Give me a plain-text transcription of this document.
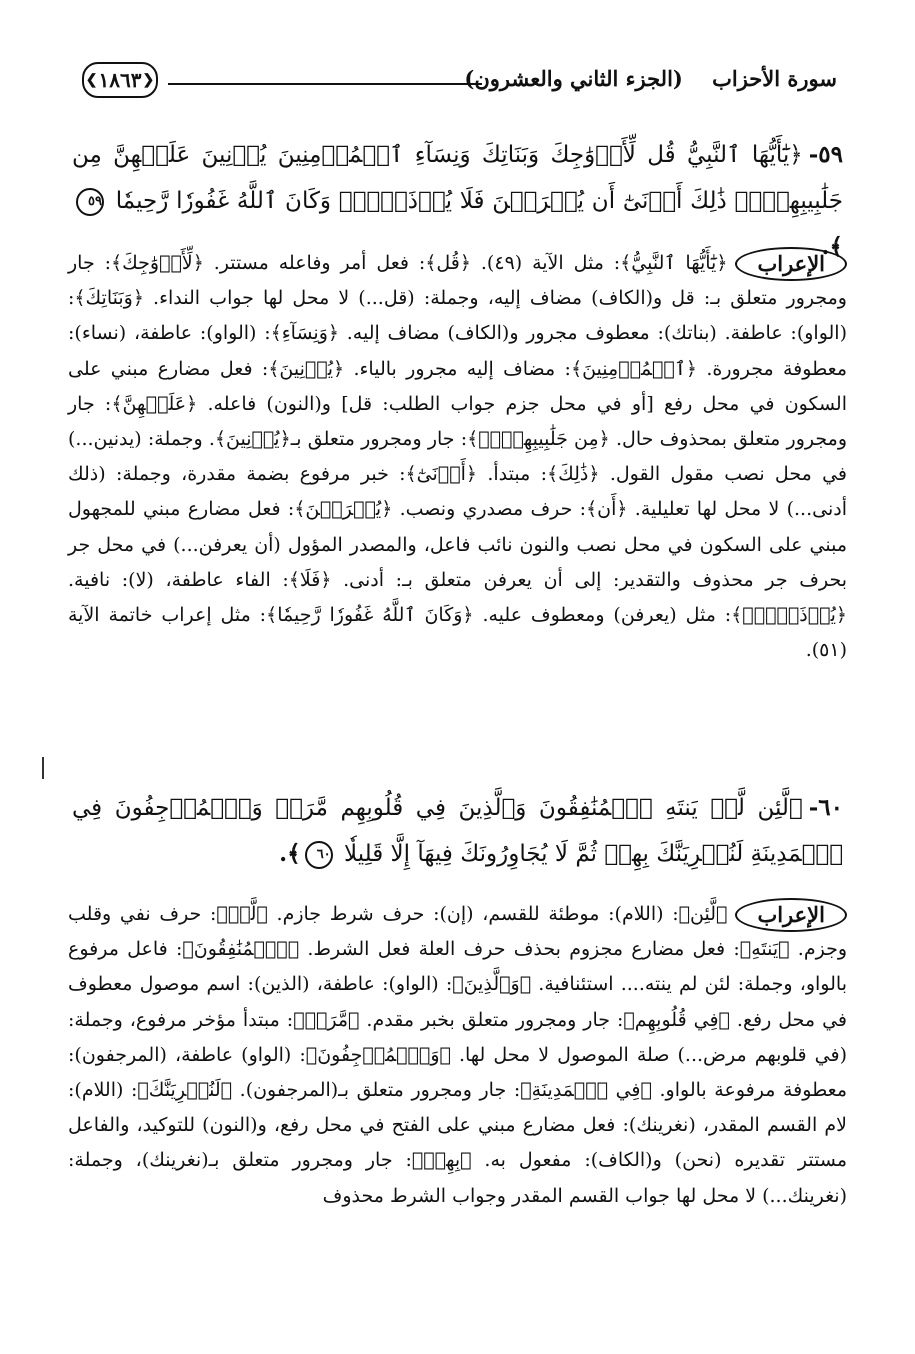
سورة الأحزاب    (الجزء الثاني والعشرون)
❮ ١٨٦٣ ❯
٥٩-﴿يَٰٓأَيُّهَا ٱلنَّبِيُّ قُل لِّأَزۡوَٰجِكَ وَبَنَاتِكَ وَنِسَآءِ ٱلۡمُؤۡمِنِينَ يُدۡنِينَ عَلَيۡهِنَّ مِن جَلَٰبِيبِهِنَّۚ ذَٰلِكَ أَدۡنَىٰٓ أَن يُعۡرَفۡنَ فَلَا يُؤۡذَيۡنَۗ وَكَانَ ٱللَّهُ غَفُورٗا رَّحِيمٗا ٥٩﴾.
الإعراب﴿يَٰٓأَيُّهَا ٱلنَّبِيُّ﴾: مثل الآية (٤٩). ﴿قُل﴾: فعل أمر وفاعله مستتر. ﴿لِّأَزۡوَٰجِكَ﴾: جار ومجرور متعلق بـ: قل و(الكاف) مضاف إليه، وجملة: (قل...) لا محل لها جواب النداء. ﴿وَبَنَاتِكَ﴾: (الواو): عاطفة. (بناتك): معطوف مجرور و(الكاف) مضاف إليه. ﴿وَنِسَآءِ﴾: (الواو): عاطفة، (نساء): معطوفة مجرورة. ﴿ٱلۡمُؤۡمِنِينَ﴾: مضاف إليه مجرور بالياء. ﴿يُدۡنِينَ﴾: فعل مضارع مبني على السكون في محل رفع [أو في محل جزم جواب الطلب: قل] و(النون) فاعله. ﴿عَلَيۡهِنَّ﴾: جار ومجرور متعلق بمحذوف حال. ﴿مِن جَلَٰبِيبِهِنَّۚ﴾: جار ومجرور متعلق بـ﴿يُدۡنِينَ﴾. وجملة: (يدنين...) في محل نصب مقول القول. ﴿ذَٰلِكَ﴾: مبتدأ. ﴿أَدۡنَىٰٓ﴾: خبر مرفوع بضمة مقدرة، وجملة: (ذلك أدنى...) لا محل لها تعليلية. ﴿أَن﴾: حرف مصدري ونصب. ﴿يُعۡرَفۡنَ﴾: فعل مضارع مبني للمجهول مبني على السكون في محل نصب والنون نائب فاعل، والمصدر المؤول (أن يعرفن...) في محل جر بحرف جر محذوف والتقدير: إلى أن يعرفن متعلق بـ: أدنى. ﴿فَلَا﴾: الفاء عاطفة، (لا): نافية. ﴿يُؤۡذَيۡنَۗ﴾: مثل (يعرفن) ومعطوف عليه. ﴿وَكَانَ ٱللَّهُ غَفُورٗا رَّحِيمٗا﴾: مثل إعراب خاتمة الآية (٥١).
٦٠-﴿لَّئِن لَّمۡ يَنتَهِ ٱلۡمُنَٰفِقُونَ وَٱلَّذِينَ فِي قُلُوبِهِم مَّرَضٞ وَٱلۡمُرۡجِفُونَ فِي ٱلۡمَدِينَةِ لَنُغۡرِيَنَّكَ بِهِمۡ ثُمَّ لَا يُجَاوِرُونَكَ فِيهَآ إِلَّا قَلِيلٗا ٦٠﴾.
الإعراب﴿لَّئِن﴾: (اللام): موطئة للقسم، (إن): حرف شرط جازم. ﴿لَّمۡ﴾: حرف نفي وقلب وجزم. ﴿يَنتَهِ﴾: فعل مضارع مجزوم بحذف حرف العلة فعل الشرط. ﴿ٱلۡمُنَٰفِقُونَ﴾: فاعل مرفوع بالواو، وجملة: لئن لم ينته.... استئنافية. ﴿وَٱلَّذِينَ﴾: (الواو): عاطفة، (الذين): اسم موصول معطوف في محل رفع. ﴿فِي قُلُوبِهِم﴾: جار ومجرور متعلق بخبر مقدم. ﴿مَّرَضٞ﴾: مبتدأ مؤخر مرفوع، وجملة: (في قلوبهم مرض...) صلة الموصول لا محل لها. ﴿وَٱلۡمُرۡجِفُونَ﴾: (الواو) عاطفة، (المرجفون): معطوفة مرفوعة بالواو. ﴿فِي ٱلۡمَدِينَةِ﴾: جار ومجرور متعلق بـ(المرجفون). ﴿لَنُغۡرِيَنَّكَ﴾: (اللام): لام القسم المقدر، (نغرينك): فعل مضارع مبني على الفتح في محل رفع، و(النون) للتوكيد، والفاعل مستتر تقديره (نحن) و(الكاف): مفعول به. ﴿بِهِمۡ﴾: جار ومجرور متعلق بـ(نغرينك)، وجملة: (نغرينك...) لا محل لها جواب القسم المقدر وجواب الشرط محذوف
